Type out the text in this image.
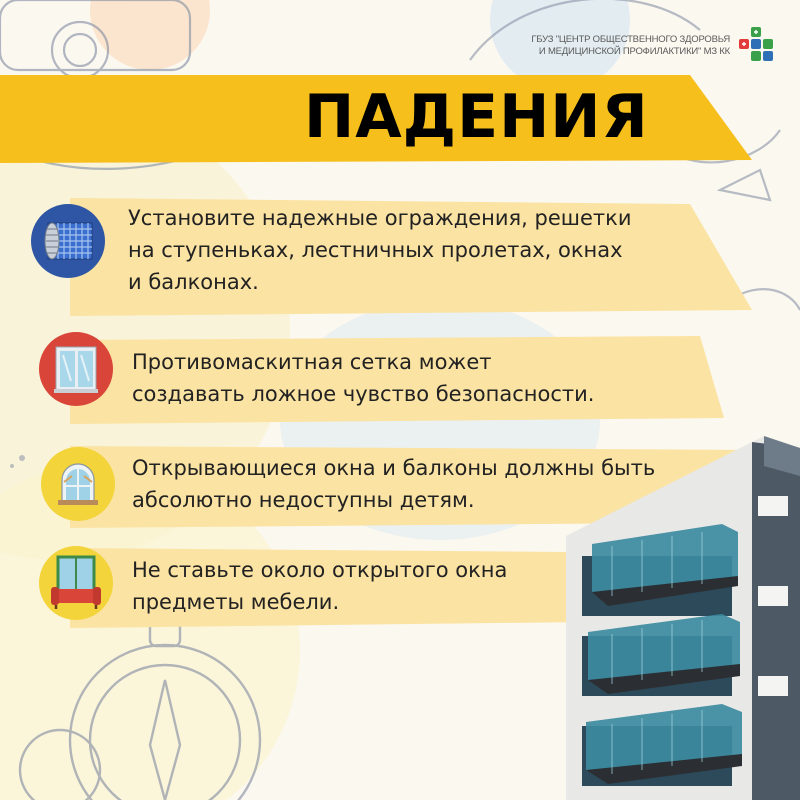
ГБУЗ "ЦЕНТР ОБЩЕСТВЕННОГО ЗДОРОВЬЯ
И МЕДИЦИНСКОЙ ПРОФИЛАКТИКИ" МЗ КК
ПАДЕНИЯ
Установите надежные ограждения, решетки
на ступеньках, лестничных пролетах, окнах
и балконах.
Противомаскитная сетка может
создавать ложное чувство безопасности.
Открывающиеся окна и балконы должны быть
абсолютно недоступны детям.
Не ставьте около открытого окна
предметы мебели.
